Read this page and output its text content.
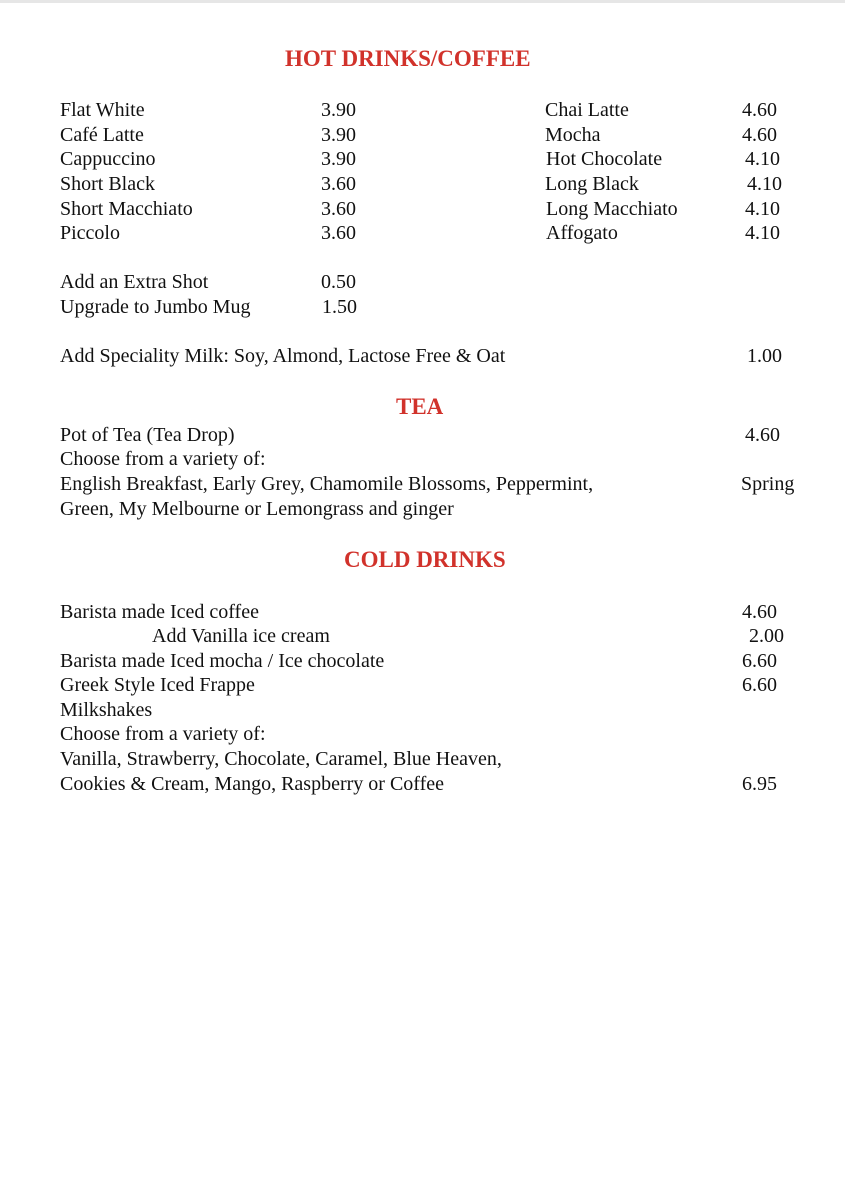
HOT DRINKS/COFFEE
Flat White	3.90
Café Latte	3.90
Cappuccino	3.90
Short Black	3.60
Short Macchiato	3.60
Piccolo	3.60
Chai Latte	4.60
Mocha	4.60
Hot Chocolate	4.10
Long Black	4.10
Long Macchiato	4.10
Affogato	4.10
Add an Extra Shot	0.50
Upgrade to Jumbo Mug	1.50
Add Speciality Milk: Soy, Almond, Lactose Free & Oat	1.00
TEA
Pot of Tea (Tea Drop)	4.60
Choose from a variety of:
English Breakfast, Early Grey, Chamomile Blossoms, Peppermint,	Spring
Green, My Melbourne or Lemongrass and ginger
COLD DRINKS
Barista made Iced coffee	4.60
Add Vanilla ice cream	2.00
Barista made Iced mocha / Ice chocolate	6.60
Greek Style Iced Frappe	6.60
Milkshakes
Choose from a variety of:
Vanilla, Strawberry, Chocolate, Caramel, Blue Heaven,
Cookies & Cream, Mango, Raspberry or Coffee	6.95
